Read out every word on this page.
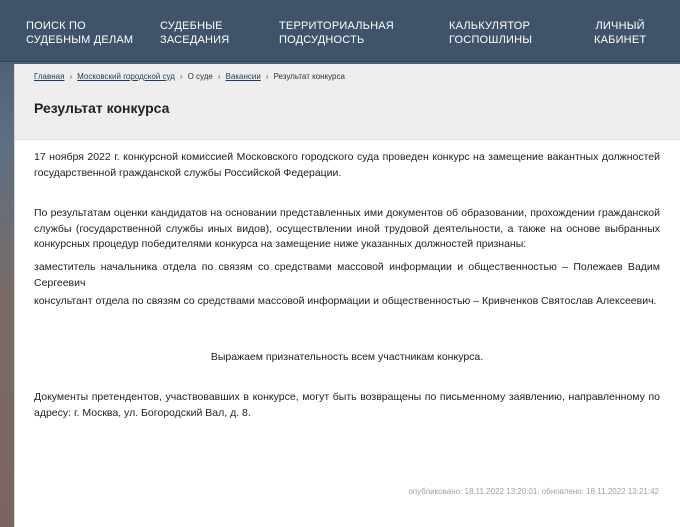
ПОИСК ПО
СУДЕБНЫМ ДЕЛАМ
СУДЕБНЫЕ
ЗАСЕДАНИЯ
ТЕРРИТОРИАЛЬНАЯ
ПОДСУДНОСТЬ
КАЛЬКУЛЯТОР
ГОСПОШЛИНЫ
ЛИЧНЫЙ
КАБИНЕТ
Главная › Московский городской суд › О суде › Вакансии › Результат конкурса
Результат конкурса

17 ноября 2022 г. конкурсной комиссией Московского городского суда проведен конкурс на замещение вакантных должностей государственной гражданской службы Российской Федерации.

По результатам оценки кандидатов на основании представленных ими документов об образовании, прохождении гражданской службы (государственной службы иных видов), осуществлении иной трудовой деятельности, а также на основе выбранных конкурсных процедур победителями конкурса на замещение ниже указанных должностей признаны:

заместитель начальника отдела по связям со средствами массовой информации и общественностью – Полежаев Вадим Сергеевич

консультант отдела по связям со средствами массовой информации и общественностью – Кривченков Святослав Алексеевич.

Выражаем признательность всем участникам конкурса.

Документы претендентов, участвовавших в конкурсе, могут быть возвращены по письменному заявлению, направленному по адресу: г. Москва, ул. Богородский Вал, д. 8.

опубликовано: 18.11.2022 13:20:01, обновлено: 18.11.2022 13:21:42
